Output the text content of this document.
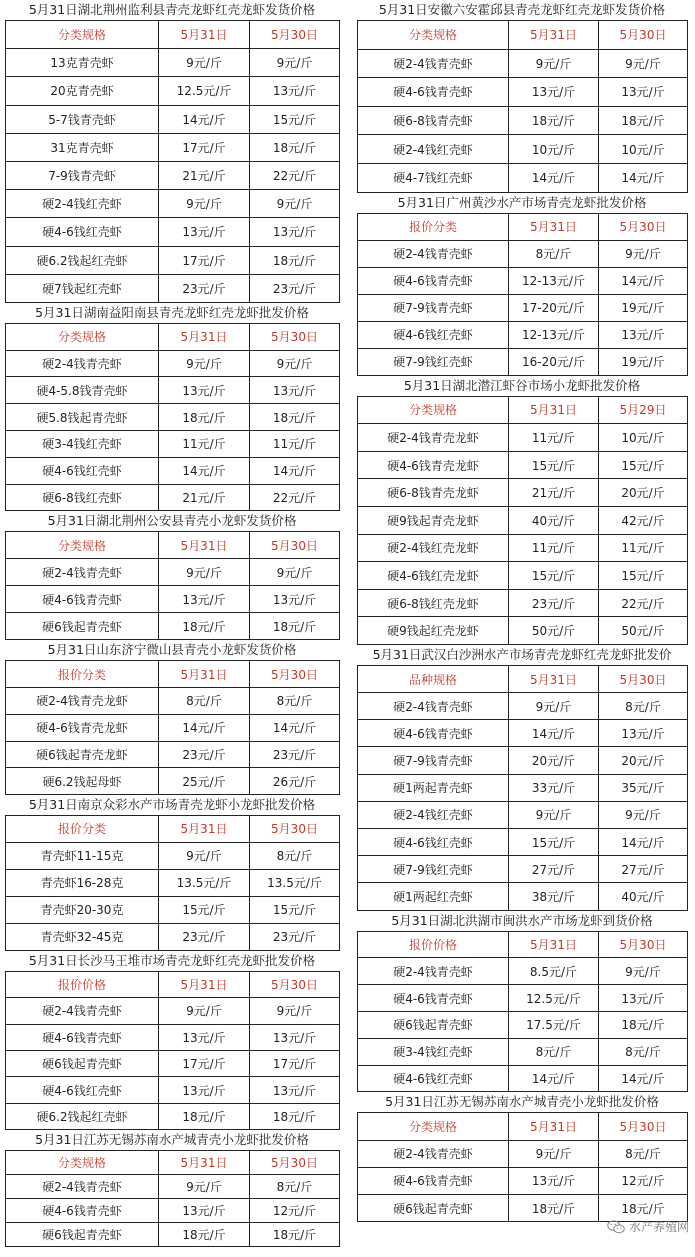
5月31日湖北荆州监利县青壳龙虾红壳龙虾发货价格
分类规格	5月31日	5月30日
13克青壳虾	9元/斤	9元/斤
20克青壳虾	12.5元/斤	13元/斤
5-7钱青壳虾	14元/斤	15元/斤
31克青壳虾	17元/斤	18元/斤
7-9钱青壳虾	21元/斤	22元/斤
硬2-4钱红壳虾	9元/斤	9元/斤
硬4-6钱红壳虾	13元/斤	13元/斤
硬6.2钱起红壳虾	17元/斤	18元/斤
硬7钱起红壳虾	23元/斤	23元/斤
5月31日湖南益阳南县青壳龙虾红壳龙虾批发价格
分类规格	5月31日	5月30日
硬2-4钱青壳虾	9元/斤	9元/斤
硬4-5.8钱青壳虾	13元/斤	13元/斤
硬5.8钱起青壳虾	18元/斤	18元/斤
硬3-4钱红壳虾	11元/斤	11元/斤
硬4-6钱红壳虾	14元/斤	14元/斤
硬6-8钱红壳虾	21元/斤	22元/斤
5月31日湖北荆州公安县青壳小龙虾发货价格
分类规格	5月31日	5月30日
硬2-4钱青壳虾	9元/斤	9元/斤
硬4-6钱青壳虾	13元/斤	13元/斤
硬6钱起青壳虾	18元/斤	18元/斤
5月31日山东济宁微山县青壳小龙虾发货价格
报价分类	5月31日	5月30日
硬2-4钱青壳龙虾	8元/斤	8元/斤
硬4-6钱青壳龙虾	14元/斤	14元/斤
硬6钱起青壳龙虾	23元/斤	23元/斤
硬6.2钱起母虾	25元/斤	26元/斤
5月31日南京众彩水产市场青壳龙虾小龙虾批发价格
报价分类	5月31日	5月30日
青壳虾11-15克	9元/斤	8元/斤
青壳虾16-28克	13.5元/斤	13.5元/斤
青壳虾20-30克	15元/斤	15元/斤
青壳虾32-45克	23元/斤	23元/斤
5月31日长沙马王堆市场青壳龙虾红壳龙虾批发价格
报价价格	5月31日	5月30日
硬2-4钱青壳虾	9元/斤	9元/斤
硬4-6钱青壳虾	13元/斤	13元/斤
硬6钱起青壳虾	17元/斤	17元/斤
硬4-6钱红壳虾	13元/斤	13元/斤
硬6.2钱起红壳虾	18元/斤	18元/斤
5月31日江苏无锡苏南水产城青壳小龙虾批发价格
分类规格	5月31日	5月30日
硬2-4钱青壳虾	9元/斤	8元/斤
硬4-6钱青壳虾	13元/斤	12元/斤
硬6钱起青壳虾	18元/斤	18元/斤
5月31日安徽六安霍邱县青壳龙虾红壳龙虾发货价格
分类规格	5月31日	5月30日
硬2-4钱青壳虾	9元/斤	9元/斤
硬4-6钱青壳虾	13元/斤	13元/斤
硬6-8钱青壳虾	18元/斤	18元/斤
硬2-4钱红壳虾	10元/斤	10元/斤
硬4-7钱红壳虾	14元/斤	14元/斤
5月31日广州黄沙水产市场青壳龙虾批发价格
报价分类	5月31日	5月30日
硬2-4钱青壳虾	8元/斤	9元/斤
硬4-6钱青壳虾	12-13元/斤	14元/斤
硬7-9钱青壳虾	17-20元/斤	19元/斤
硬4-6钱红壳虾	12-13元/斤	13元/斤
硬7-9钱红壳虾	16-20元/斤	19元/斤
5月31日湖北潜江虾谷市场小龙虾批发价格
分类规格	5月31日	5月29日
硬2-4钱青壳龙虾	11元/斤	10元/斤
硬4-6钱青壳龙虾	15元/斤	15元/斤
硬6-8钱青壳龙虾	21元/斤	20元/斤
硬9钱起青壳龙虾	40元/斤	42元/斤
硬2-4钱红壳龙虾	11元/斤	11元/斤
硬4-6钱红壳龙虾	15元/斤	15元/斤
硬6-8钱红壳龙虾	23元/斤	22元/斤
硬9钱起红壳龙虾	50元/斤	50元/斤
5月31日武汉白沙洲水产市场青壳龙虾红壳龙虾批发价
品种规格	5月31日	5月30日
硬2-4钱青壳虾	9元/斤	8元/斤
硬4-6钱青壳虾	14元/斤	13元/斤
硬7-9钱青壳虾	20元/斤	20元/斤
硬1两起青壳虾	33元/斤	35元/斤
硬2-4钱红壳虾	9元/斤	9元/斤
硬4-6钱红壳虾	15元/斤	14元/斤
硬7-9钱红壳虾	27元/斤	27元/斤
硬1两起红壳虾	38元/斤	40元/斤
5月31日湖北洪湖市闽洪水产市场龙虾到货价格
报价价格	5月31日	5月30日
硬2-4钱青壳虾	8.5元/斤	9元/斤
硬4-6钱青壳虾	12.5元/斤	13元/斤
硬6钱起青壳虾	17.5元/斤	18元/斤
硬3-4钱红壳虾	8元/斤	8元/斤
硬4-6钱红壳虾	14元/斤	14元/斤
5月31日江苏无锡苏南水产城青壳小龙虾批发价格
分类规格	5月31日	5月30日
硬2-4钱青壳虾	9元/斤	8元/斤
硬4-6钱青壳虾	13元/斤	12元/斤
硬6钱起青壳虾	18元/斤	18元/斤
水产养殖网
